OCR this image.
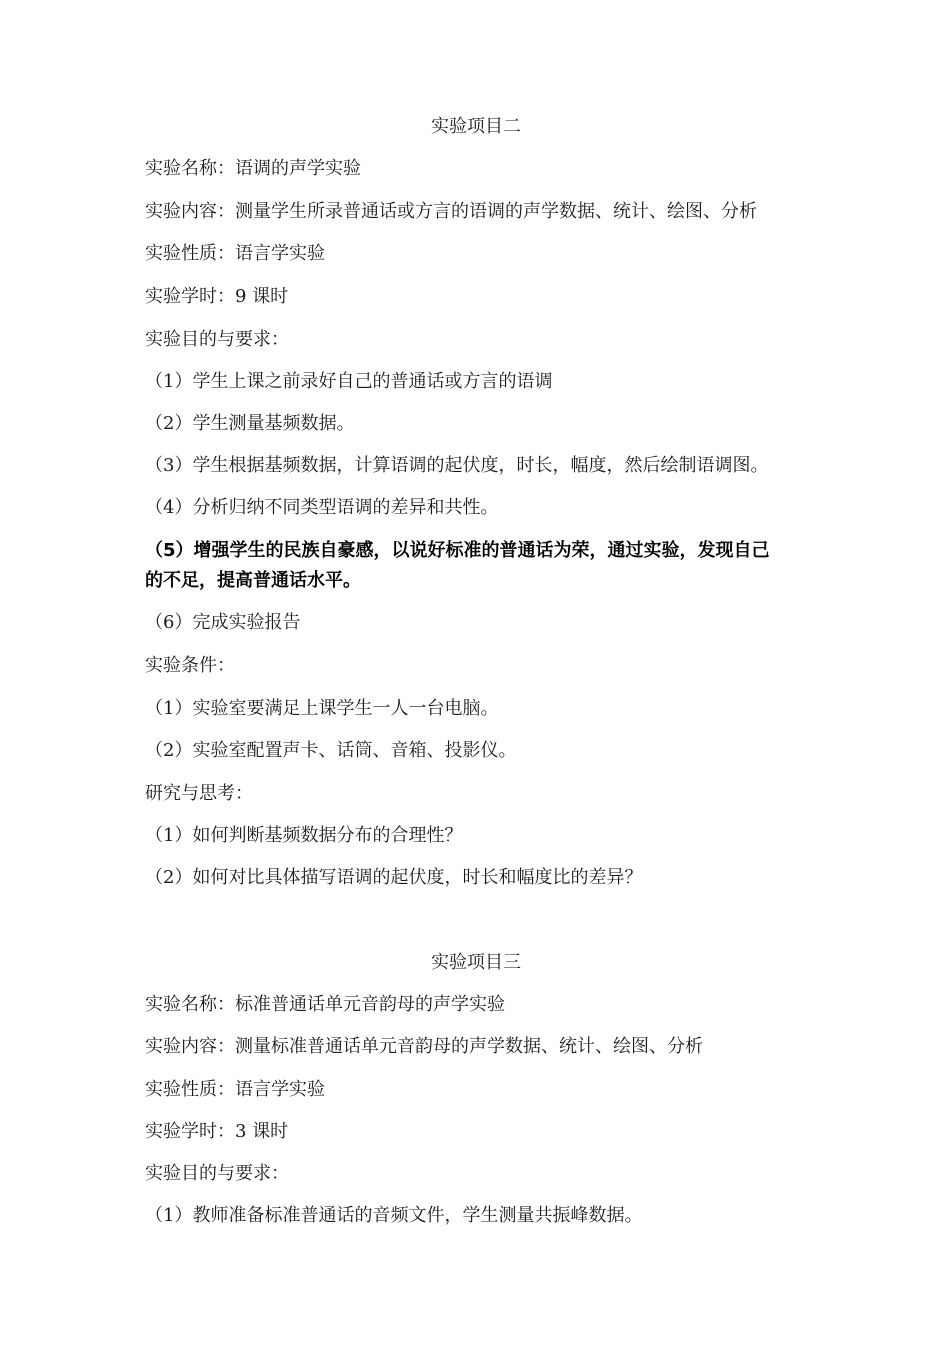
实验项目二
实验名称：语调的声学实验
实验内容：测量学生所录普通话或方言的语调的声学数据、统计、绘图、分析
实验性质：语言学实验
实验学时：9 课时
实验目的与要求：
（1）学生上课之前录好自己的普通话或方言的语调
（2）学生测量基频数据。
（3）学生根据基频数据，计算语调的起伏度，时长，幅度，然后绘制语调图。
（4）分析归纳不同类型语调的差异和共性。
（5）增强学生的民族自豪感，以说好标准的普通话为荣，通过实验，发现自己
的不足，提高普通话水平。
（6）完成实验报告
实验条件：
（1）实验室要满足上课学生一人一台电脑。
（2）实验室配置声卡、话筒、音箱、投影仪。
研究与思考：
（1）如何判断基频数据分布的合理性？
（2）如何对比具体描写语调的起伏度，时长和幅度比的差异？
实验项目三
实验名称：标准普通话单元音韵母的声学实验
实验内容：测量标准普通话单元音韵母的声学数据、统计、绘图、分析
实验性质：语言学实验
实验学时：3 课时
实验目的与要求：
（1）教师准备标准普通话的音频文件，学生测量共振峰数据。
